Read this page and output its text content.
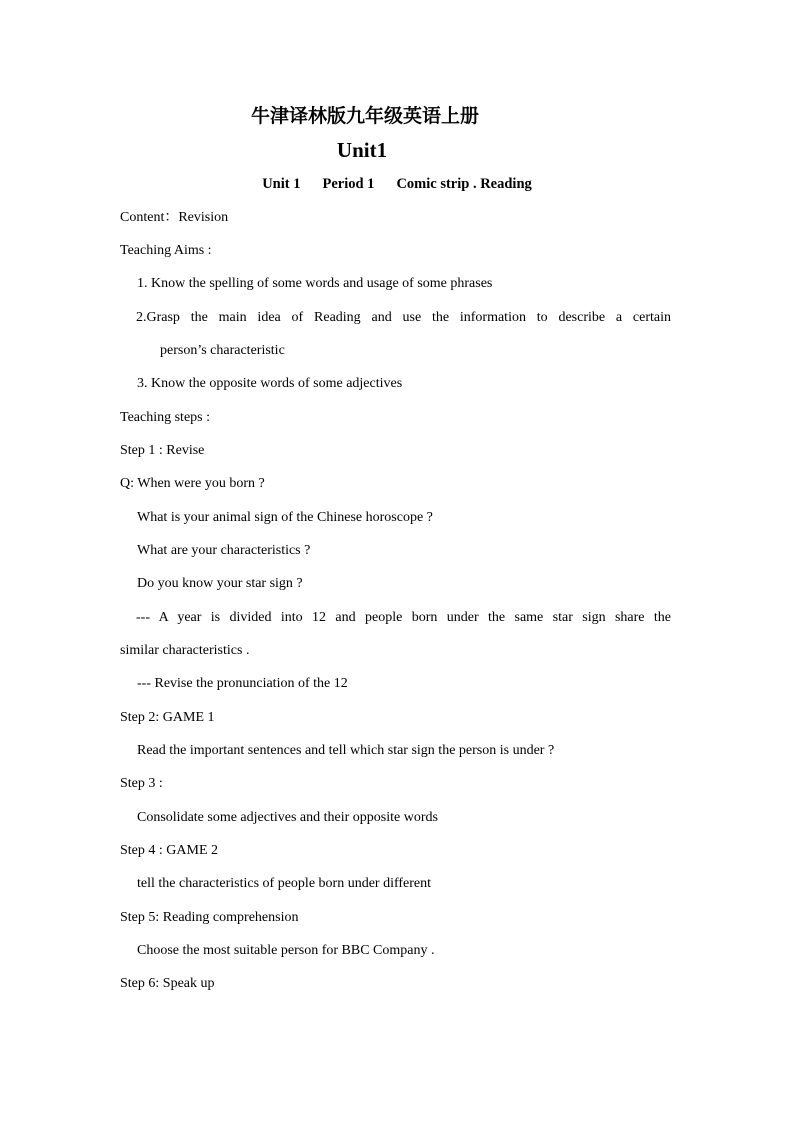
牛津译林版九年级英语上册
Unit1
Unit 1 Period 1 Comic strip . Reading
Content：Revision
Teaching Aims :
1. Know the spelling of some words and usage of some phrases
2.Grasp the main idea of Reading and use the information to describe a certain
person’s characteristic
3. Know the opposite words of some adjectives
Teaching steps :
Step 1 : Revise
Q: When were you born ?
What is your animal sign of the Chinese horoscope ?
What are your characteristics ?
Do you know your star sign ?
--- A year is divided into 12 and people born under the same star sign share the
similar characteristics .
--- Revise the pronunciation of the 12
Step 2: GAME 1
Read the important sentences and tell which star sign the person is under ?
Step 3 :
Consolidate some adjectives and their opposite words
Step 4 : GAME 2
tell the characteristics of people born under different
Step 5: Reading comprehension
Choose the most suitable person for BBC Company .
Step 6: Speak up
